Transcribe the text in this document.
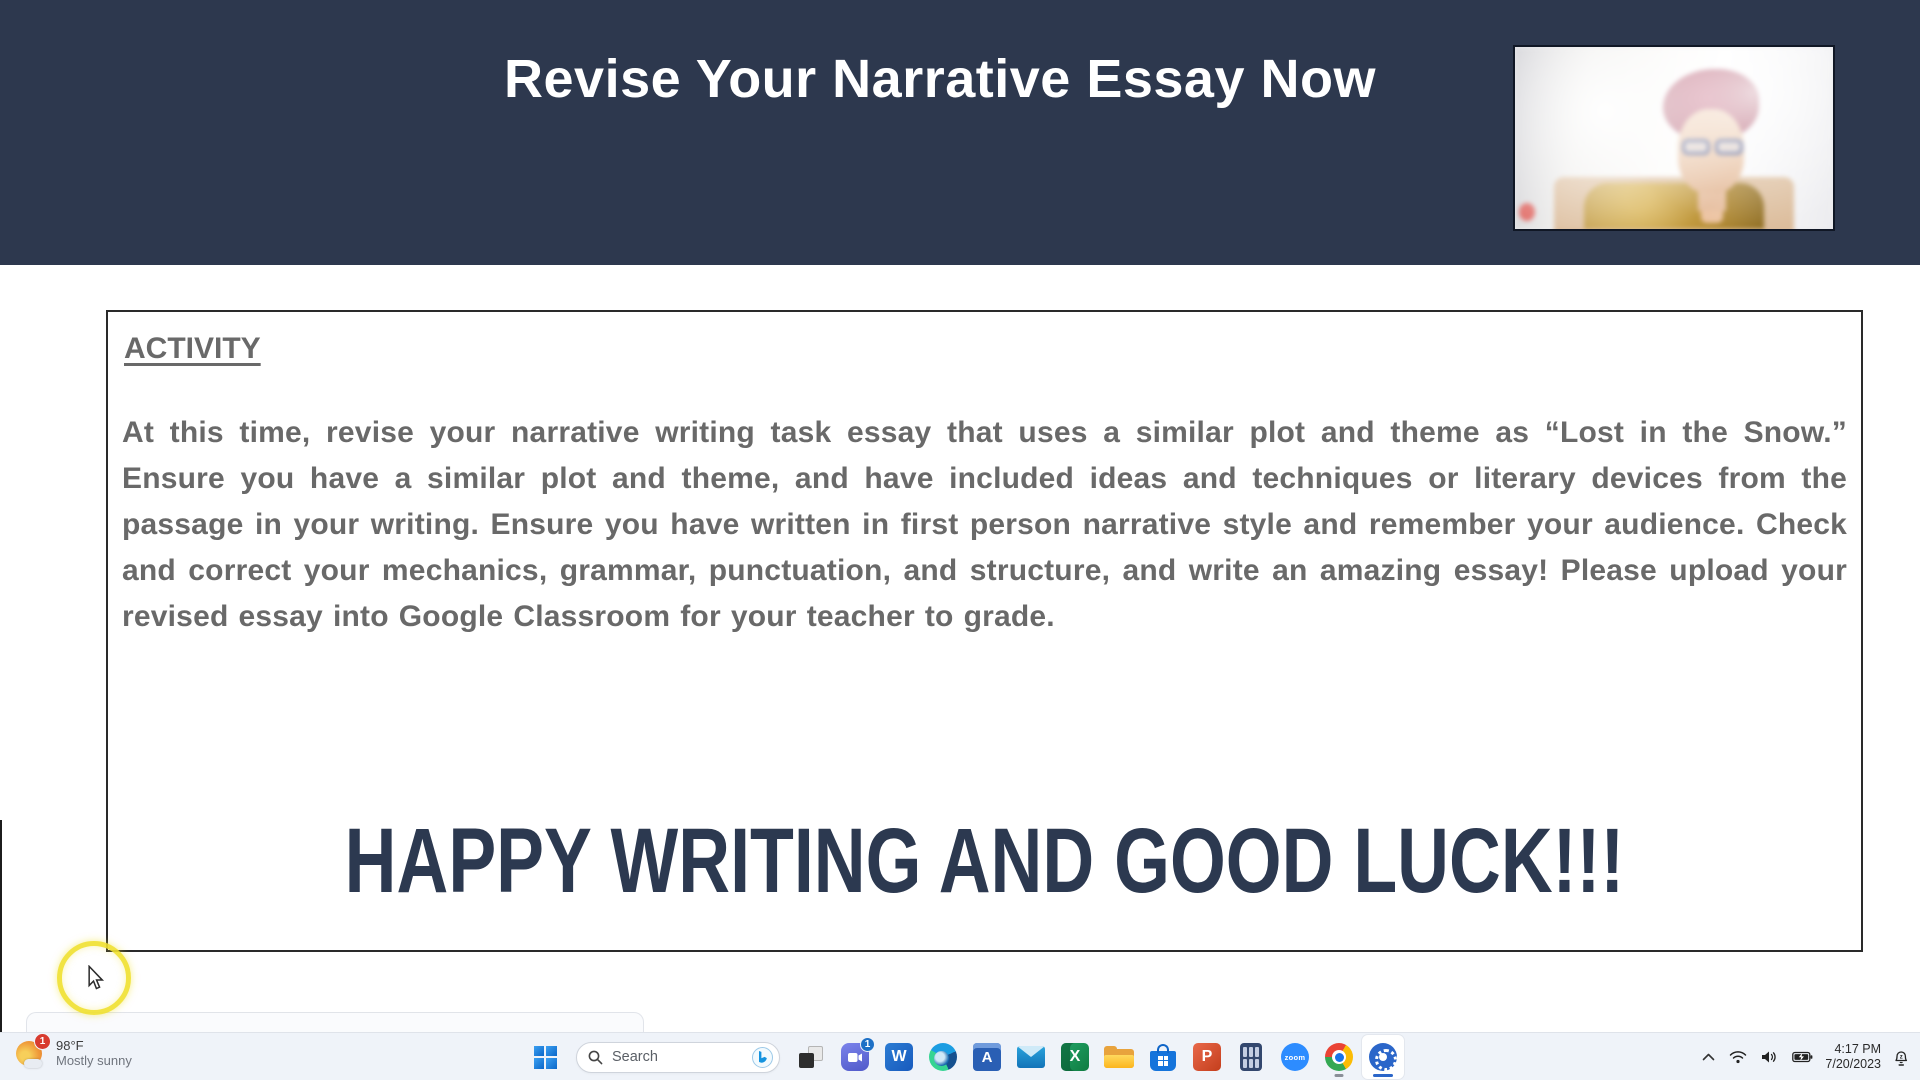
Revise Your Narrative Essay Now
ACTIVITY

At this time, revise your narrative writing task essay that uses a similar plot and theme as “Lost in the Snow.” Ensure you have a similar plot and theme, and have included ideas and techniques or literary devices from the passage in your writing. Ensure you have written in first person narrative style and remember your audience. Check and correct your mechanics, grammar, punctuation, and structure, and write an amazing essay! Please upload your revised essay into Google Classroom for your teacher to grade.

HAPPY WRITING AND GOOD LUCK!!!
1 98°F
Mostly sunny	Search
1
W	A	X	P	zoom
4:17 PM
7/20/2023	z
